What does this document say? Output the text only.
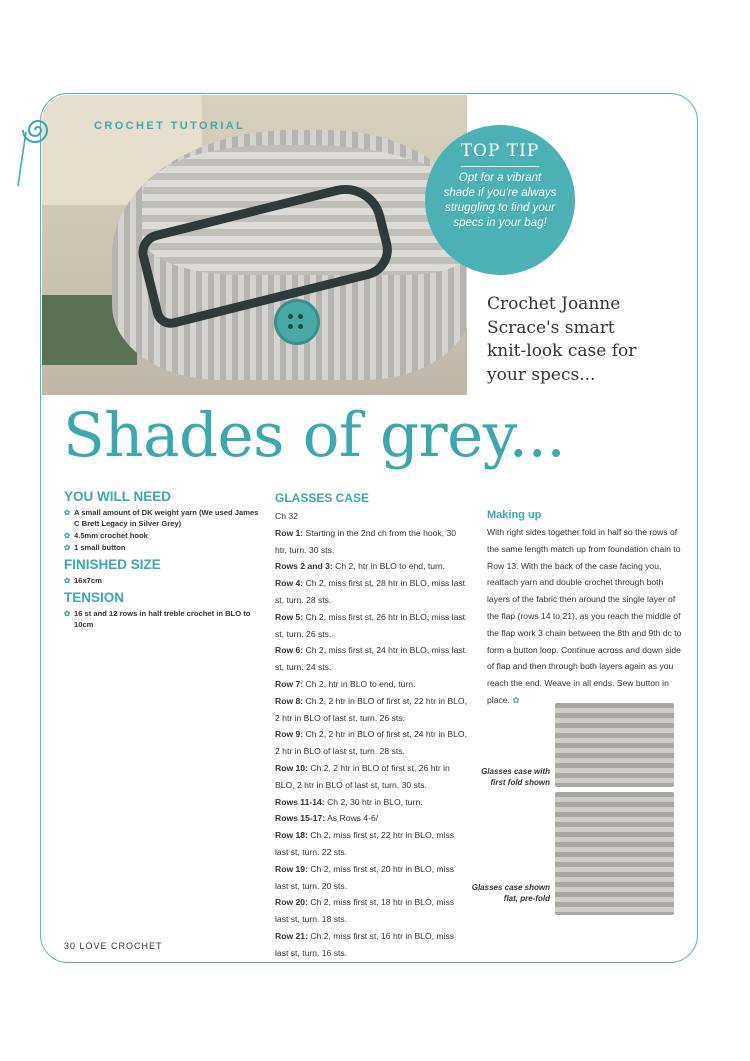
CROCHET TUTORIAL
TOP TIP
Opt for a vibrant
shade if you're always
struggling to find your
specs in your bag!
Crochet Joanne
Scrace's smart
knit-look case for
your specs...
Shades of grey...
YOU WILL NEED
✿ A small amount of DK weight yarn (We used James C Brett Legacy in Silver Grey)
✿ 4.5mm crochet hook
✿ 1 small button
FINISHED SIZE
✿ 16x7cm
TENSION
✿ 16 st and 12 rows in half treble crochet in BLO to 10cm
GLASSES CASE
Ch 32
Row 1: Starting in the 2nd ch from the hook, 30
htr, turn. 30 sts.
Rows 2 and 3: Ch 2, htr in BLO to end, turn.
Row 4: Ch 2, miss first st, 28 htr in BLO, miss last
st, turn. 28 sts.
Row 5: Ch 2, miss first st, 26 htr in BLO, miss last
st, turn. 26 sts.
Row 6: Ch 2, miss first st, 24 htr in BLO, miss last
st, turn. 24 sts.
Row 7: Ch 2, htr in BLO to end, turn.
Row 8: Ch 2, 2 htr in BLO of first st, 22 htr in BLO,
2 htr in BLO of last st, turn. 26 sts.
Row 9: Ch 2, 2 htr in BLO of first st, 24 htr in BLO,
2 htr in BLO of last st, turn. 28 sts.
Row 10: Ch 2, 2 htr in BLO of first st, 26 htr in
BLO, 2 htr in BLO of last st, turn. 30 sts.
Rows 11-14: Ch 2, 30 htr in BLO, turn.
Rows 15-17: As Rows 4-6/
Row 18: Ch 2, miss first st, 22 htr in BLO, miss
last st, turn. 22 sts.
Row 19: Ch 2, miss first st, 20 htr in BLO, miss
last st, turn. 20 sts.
Row 20: Ch 2, miss first st, 18 htr in BLO, miss
last st, turn. 18 sts.
Row 21: Ch 2, miss first st, 16 htr in BLO, miss
last st, turn. 16 sts.
Making up
With right sides together fold in half so the rows of the same length match up from foundation chain to Row 13. With the back of the case facing you, reattach yarn and double crochet through both layers of the fabric then around the single layer of the flap (rows 14 to 21), as you reach the middle of the flap work 3 chain between the 8th and 9th dc to form a button loop. Continue across and down side of flap and then through both layers again as you reach the end. Weave in all ends. Sew button in place. ✿
Glasses case with first fold shown
Glasses case shown flat, pre-fold
30 LOVE CROCHET
